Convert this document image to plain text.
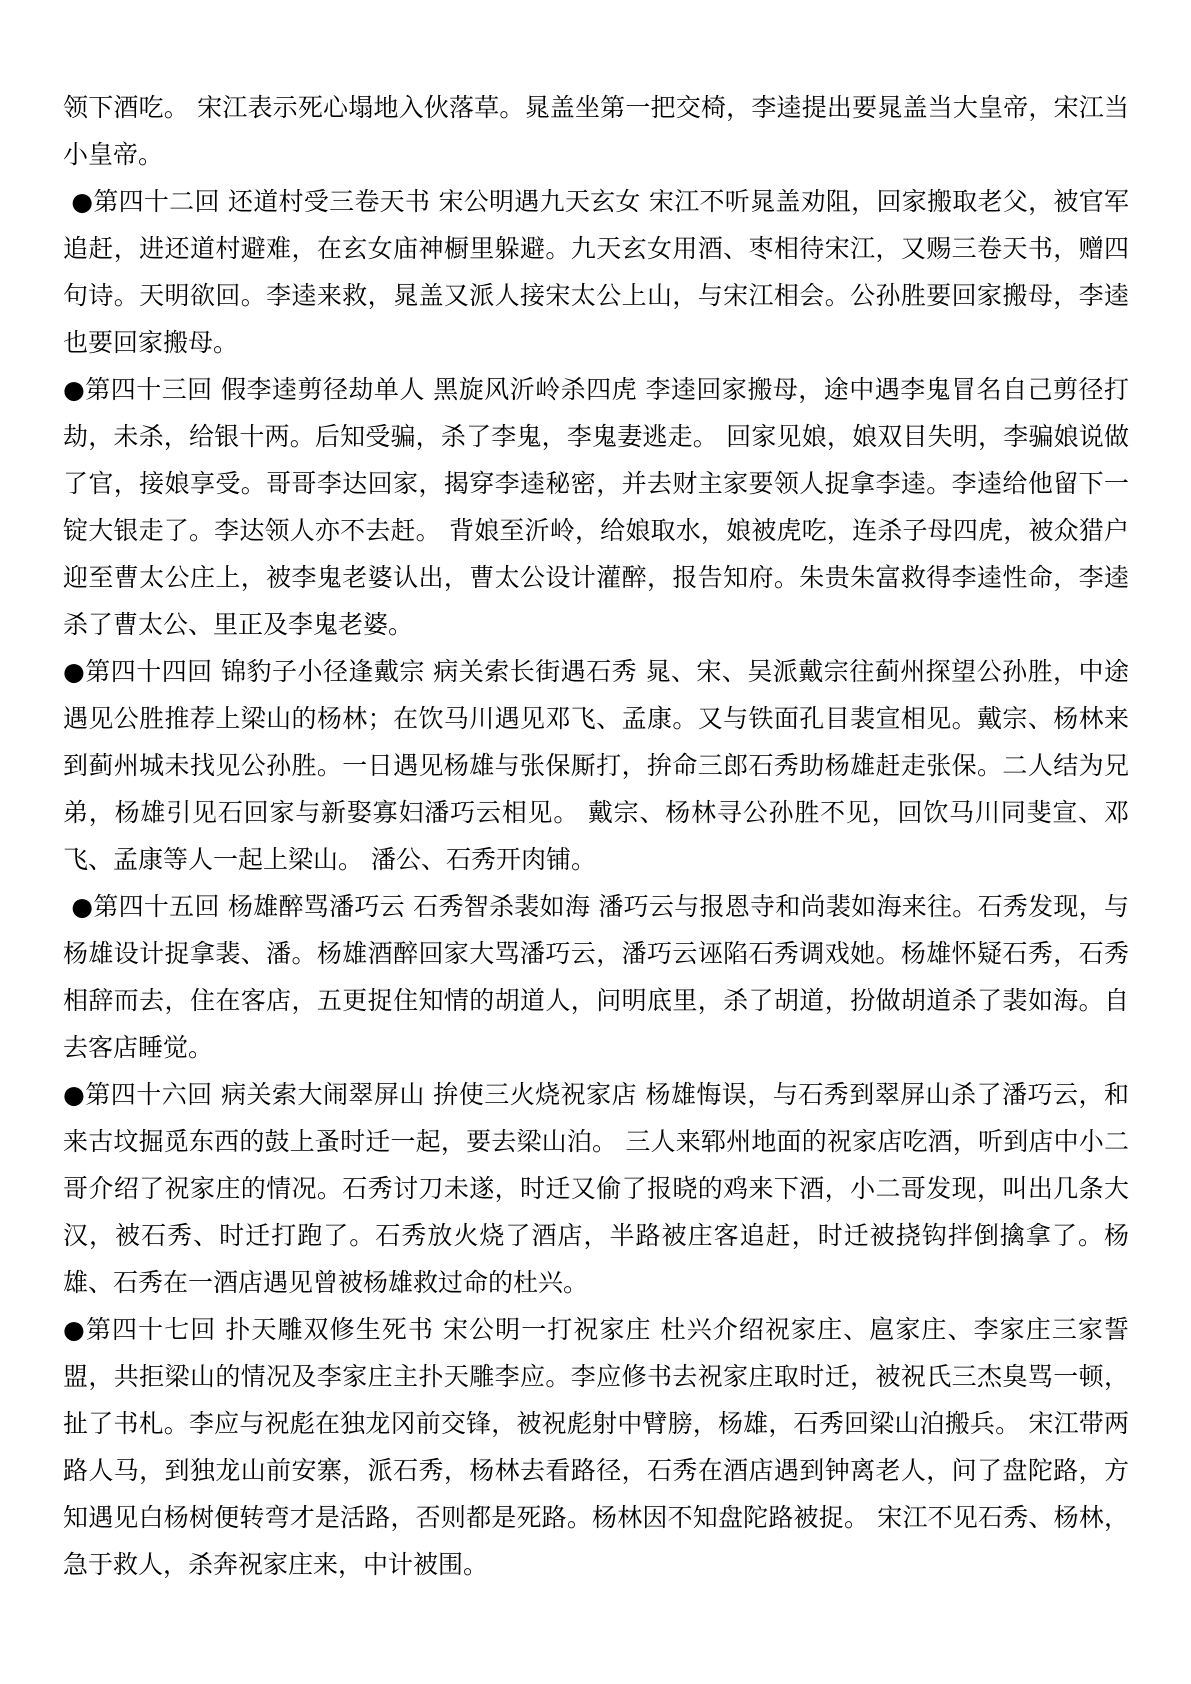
领下酒吃。 宋江表示死心塌地入伙落草。晁盖坐第一把交椅，李逵提出要晁盖当大皇帝，宋江当小皇帝。

●第四十二回 还道村受三卷天书 宋公明遇九天玄女 宋江不听晁盖劝阻，回家搬取老父，被官军追赶，进还道村避难，在玄女庙神橱里躲避。九天玄女用酒、枣相待宋江，又赐三卷天书，赠四句诗。天明欲回。李逵来救，晁盖又派人接宋太公上山，与宋江相会。公孙胜要回家搬母，李逵也要回家搬母。

●第四十三回 假李逵剪径劫单人 黑旋风沂岭杀四虎 李逵回家搬母，途中遇李鬼冒名自己剪径打劫，未杀，给银十两。后知受骗，杀了李鬼，李鬼妻逃走。 回家见娘，娘双目失明，李骗娘说做了官，接娘享受。哥哥李达回家，揭穿李逵秘密，并去财主家要领人捉拿李逵。李逵给他留下一锭大银走了。李达领人亦不去赶。 背娘至沂岭，给娘取水，娘被虎吃，连杀子母四虎，被众猎户迎至曹太公庄上，被李鬼老婆认出，曹太公设计灌醉，报告知府。朱贵朱富救得李逵性命，李逵杀了曹太公、里正及李鬼老婆。

●第四十四回 锦豹子小径逢戴宗 病关索长街遇石秀 晁、宋、吴派戴宗往蓟州探望公孙胜，中途遇见公胜推荐上梁山的杨林；在饮马川遇见邓飞、孟康。又与铁面孔目裴宣相见。戴宗、杨林来到蓟州城未找见公孙胜。一日遇见杨雄与张保厮打，拚命三郎石秀助杨雄赶走张保。二人结为兄弟，杨雄引见石回家与新娶寡妇潘巧云相见。 戴宗、杨林寻公孙胜不见，回饮马川同斐宣、邓飞、孟康等人一起上梁山。 潘公、石秀开肉铺。

●第四十五回 杨雄醉骂潘巧云 石秀智杀裴如海 潘巧云与报恩寺和尚裴如海来往。石秀发现，与杨雄设计捉拿裴、潘。杨雄酒醉回家大骂潘巧云，潘巧云诬陷石秀调戏她。杨雄怀疑石秀，石秀相辞而去，住在客店，五更捉住知情的胡道人，问明底里，杀了胡道，扮做胡道杀了裴如海。自去客店睡觉。

●第四十六回 病关索大闹翠屏山 拚使三火烧祝家店 杨雄悔误，与石秀到翠屏山杀了潘巧云，和来古坟掘觅东西的鼓上蚤时迁一起，要去梁山泊。 三人来郓州地面的祝家店吃酒，听到店中小二哥介绍了祝家庄的情况。石秀讨刀未遂，时迁又偷了报晓的鸡来下酒，小二哥发现，叫出几条大汉，被石秀、时迁打跑了。石秀放火烧了酒店，半路被庄客追赶，时迁被挠钩拌倒擒拿了。杨雄、石秀在一酒店遇见曾被杨雄救过命的杜兴。

●第四十七回 扑天雕双修生死书 宋公明一打祝家庄 杜兴介绍祝家庄、扈家庄、李家庄三家誓盟，共拒梁山的情况及李家庄主扑天雕李应。李应修书去祝家庄取时迁，被祝氏三杰臭骂一顿，扯了书札。李应与祝彪在独龙冈前交锋，被祝彪射中臂膀，杨雄，石秀回梁山泊搬兵。 宋江带两路人马，到独龙山前安寨，派石秀，杨林去看路径，石秀在酒店遇到钟离老人，问了盘陀路，方知遇见白杨树便转弯才是活路，否则都是死路。杨林因不知盘陀路被捉。 宋江不见石秀、杨林，急于救人，杀奔祝家庄来，中计被围。
